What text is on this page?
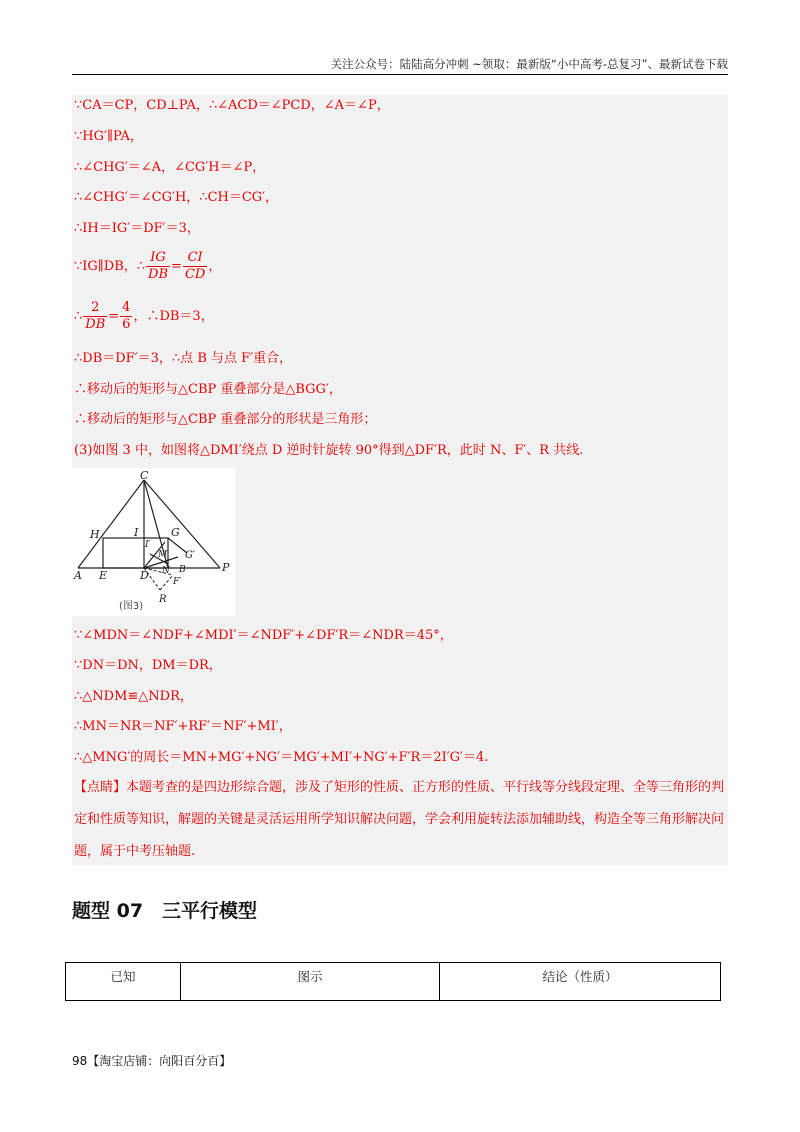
关注公众号：陆陆高分冲刺 ~领取：最新版“小中高考-总复习”、最新试卷下载
∵CA＝CP，CD⊥PA，∴∠ACD＝∠PCD，∠A＝∠P，
∵HG′∥PA，
∴∠CHG′＝∠A，∠CG′H＝∠P，
∴∠CHG′＝∠CG′H，∴CH＝CG′，
∴IH＝IG′＝DF′＝3，
∵IG∥DB，∴ $\frac{IG}{DB} = \frac{CI}{CD}$ ，
∴ $\frac{2}{DB} = \frac{4}{6}$ ，∴DB＝3，
∴DB＝DF′＝3，∴点 B 与点 F′重合，
∴移动后的矩形与△CBP 重叠部分是△BGG′，
∴移动后的矩形与△CBP 重叠部分的形状是三角形；
(3)如图 3 中，如图将△DMI′绕点 D 逆时针旋转 90°得到△DF′R，此时 N、F′、R 共线.
C
H	I	G
I′
M G′
A E	D N B
F′
P
R
(图3)
∵∠MDN＝∠NDF+∠MDI′＝∠NDF′+∠DF′R＝∠NDR＝45°，
∵DN＝DN，DM＝DR，
∴△NDM≌△NDR，
∴MN＝NR＝NF′+RF′＝NF′+MI′，
∴△MNG′的周长＝MN+MG′+NG′＝MG′+MI′+NG′+F′R＝2I′G′＝4.
【点睛】本题考查的是四边形综合题，涉及了矩形的性质、正方形的性质、平行线等分线段定理、全等三角形的判定和性质等知识，解题的关键是灵活运用所学知识解决问题，学会利用旋转法添加辅助线，构造全等三角形解决问题，属于中考压轴题.
题型 07　三平行模型
已知	图示	结论（性质）
98【淘宝店铺：向阳百分百】
